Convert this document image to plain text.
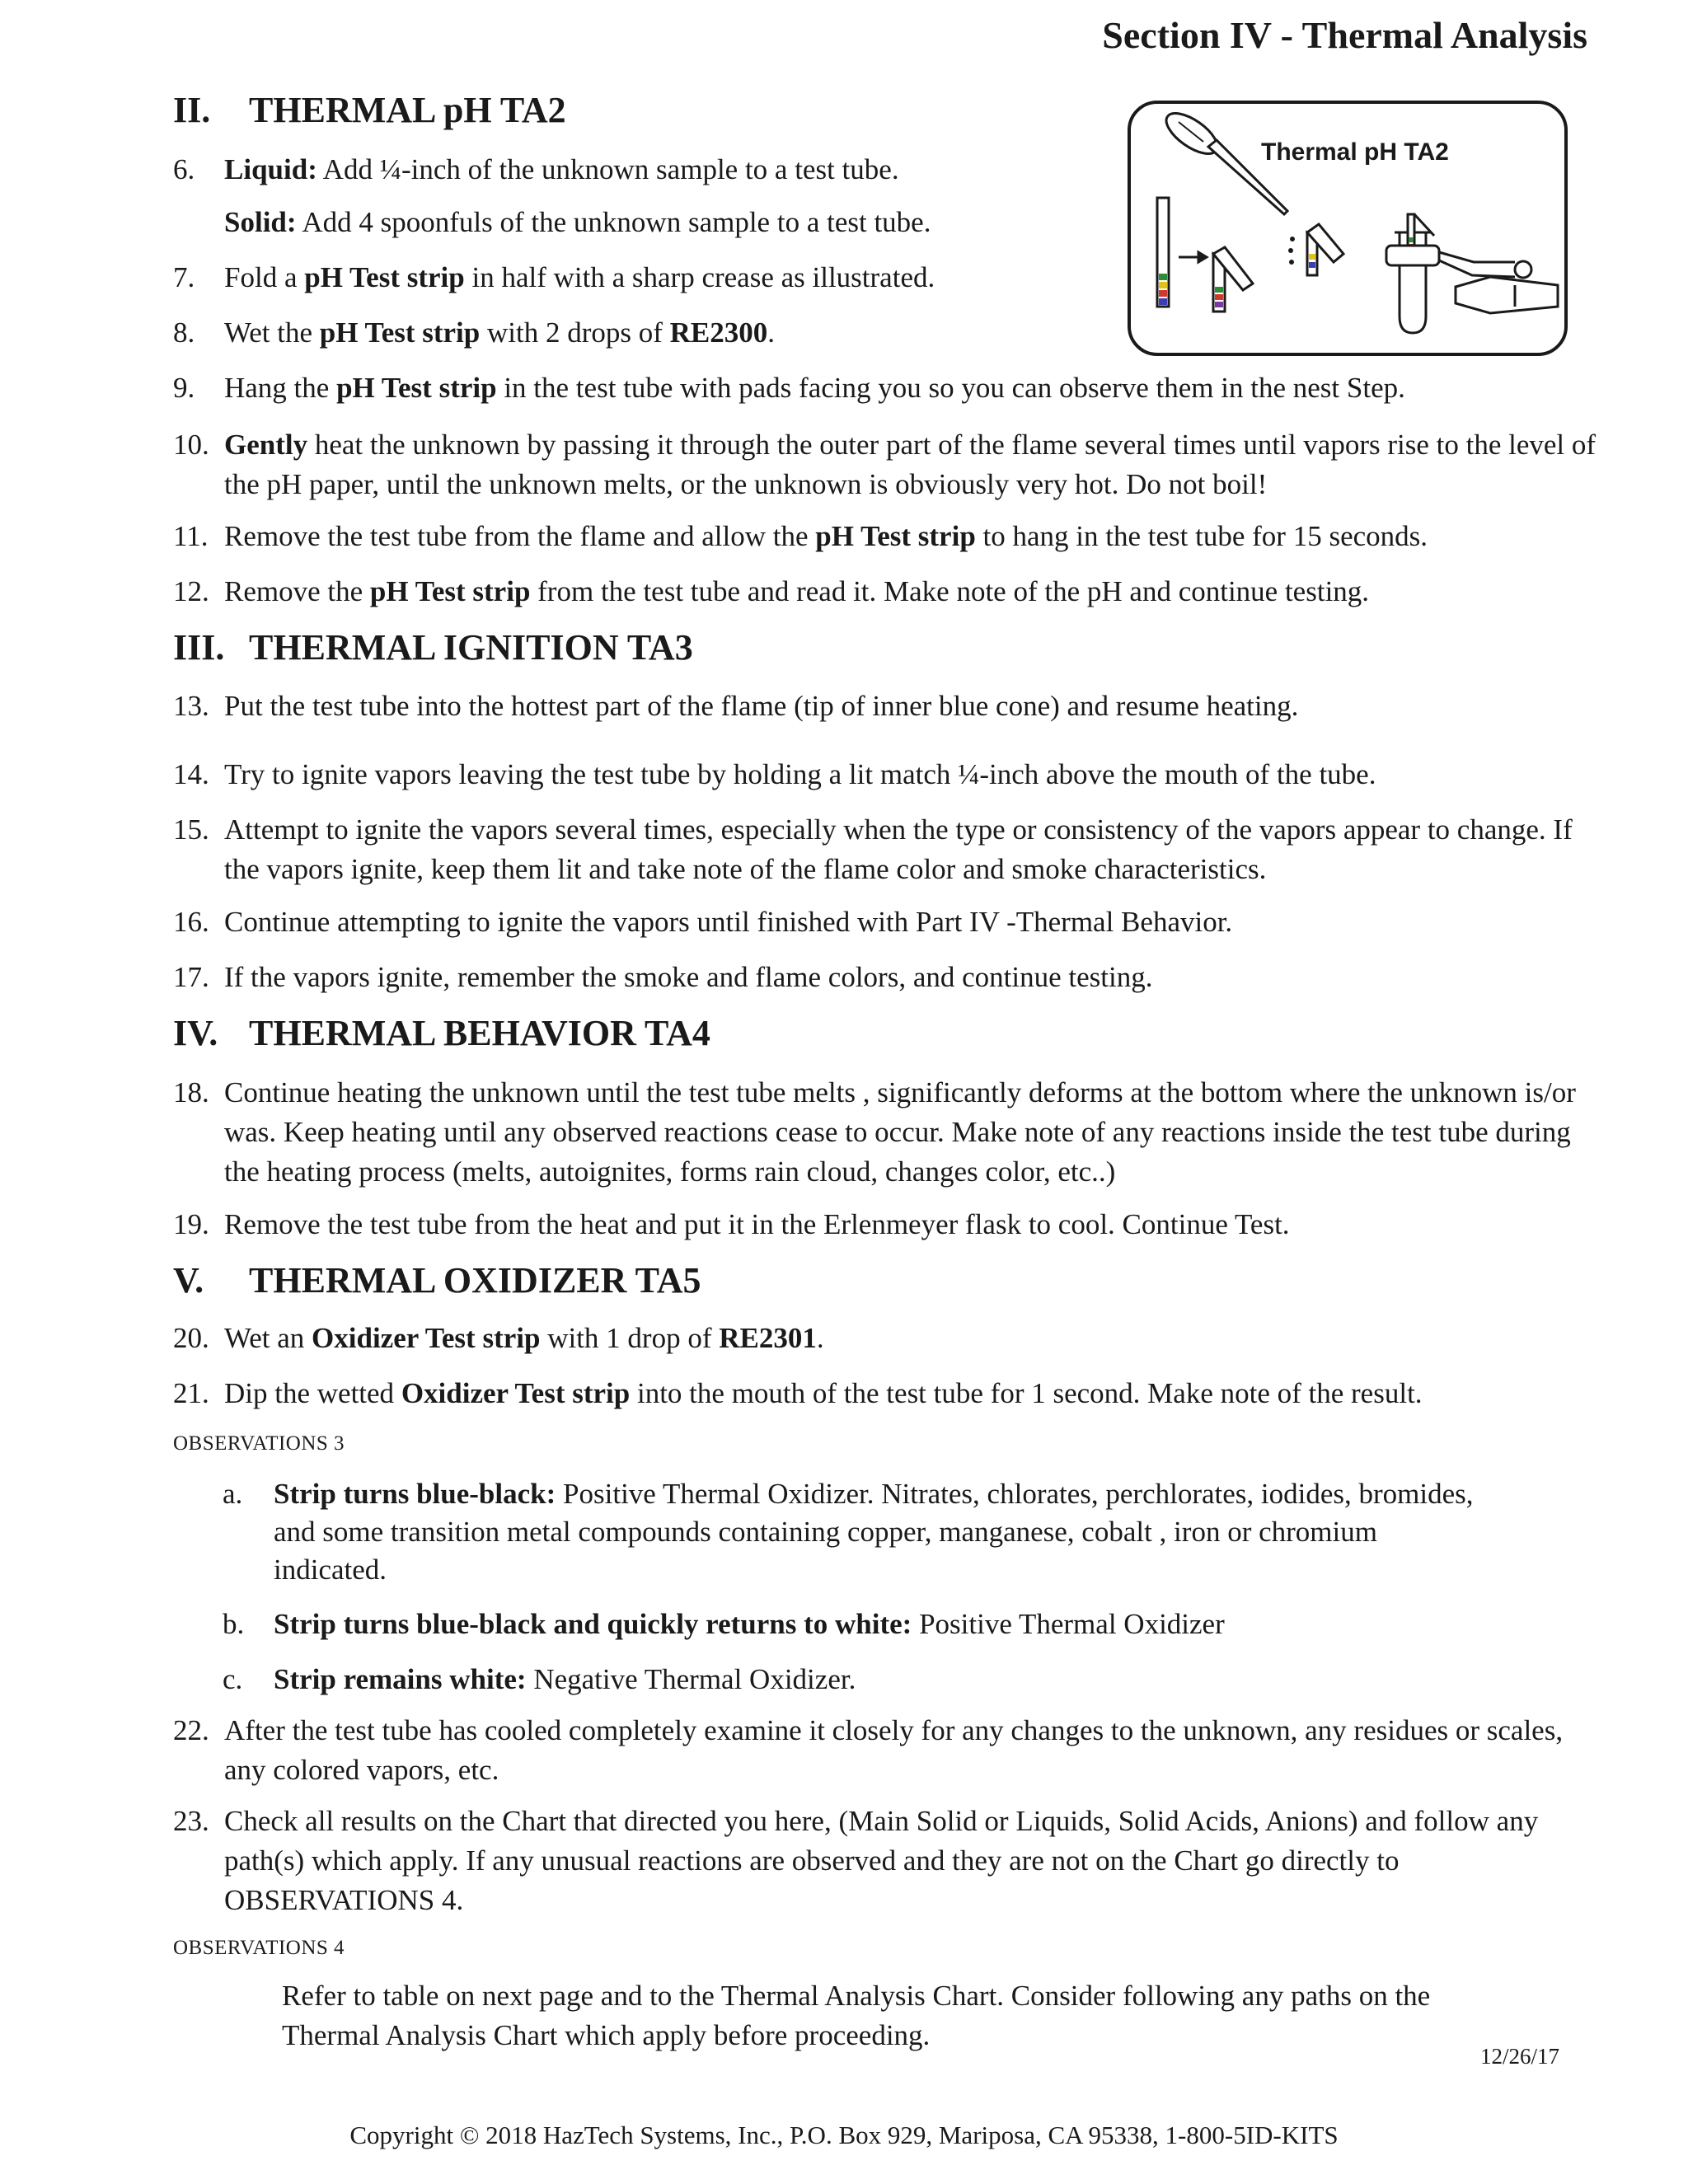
Section IV - Thermal Analysis
Thermal pH TA2
II. THERMAL pH TA2
6. Liquid: Add ¼-inch of the unknown sample to a test tube.
Solid: Add 4 spoonfuls of the unknown sample to a test tube.
7. Fold a pH Test strip in half with a sharp crease as illustrated.
8. Wet the pH Test strip with 2 drops of RE2300.
9. Hang the pH Test strip in the test tube with pads facing you so you can observe them in the nest Step.
10. Gently heat the unknown by passing it through the outer part of the flame several times until vapors rise to the level of the pH paper, until the unknown melts, or the unknown is obviously very hot. Do not boil!
11. Remove the test tube from the flame and allow the pH Test strip to hang in the test tube for 15 seconds.
12. Remove the pH Test strip from the test tube and read it. Make note of the pH and continue testing.
III. THERMAL IGNITION TA3
13. Put the test tube into the hottest part of the flame (tip of inner blue cone) and resume heating.
14. Try to ignite vapors leaving the test tube by holding a lit match ¼-inch above the mouth of the tube.
15. Attempt to ignite the vapors several times, especially when the type or consistency of the vapors appear to change. If the vapors ignite, keep them lit and take note of the flame color and smoke characteristics.
16. Continue attempting to ignite the vapors until finished with Part IV -Thermal Behavior.
17. If the vapors ignite, remember the smoke and flame colors, and continue testing.
IV. THERMAL BEHAVIOR TA4
18. Continue heating the unknown until the test tube melts , significantly deforms at the bottom where the unknown is/or was. Keep heating until any observed reactions cease to occur. Make note of any reactions inside the test tube during the heating process (melts, autoignites, forms rain cloud, changes color, etc..)
19. Remove the test tube from the heat and put it in the Erlenmeyer flask to cool. Continue Test.
V. THERMAL OXIDIZER TA5
20. Wet an Oxidizer Test strip with 1 drop of RE2301.
21. Dip the wetted Oxidizer Test strip into the mouth of the test tube for 1 second. Make note of the result.
OBSERVATIONS 3
a. Strip turns blue-black: Positive Thermal Oxidizer. Nitrates, chlorates, perchlorates, iodides, bromides, and some transition metal compounds containing copper, manganese, cobalt , iron or chromium indicated.
b. Strip turns blue-black and quickly returns to white: Positive Thermal Oxidizer
c. Strip remains white: Negative Thermal Oxidizer.
22. After the test tube has cooled completely examine it closely for any changes to the unknown, any residues or scales, any colored vapors, etc.
23. Check all results on the Chart that directed you here, (Main Solid or Liquids, Solid Acids, Anions) and follow any path(s) which apply. If any unusual reactions are observed and they are not on the Chart go directly to OBSERVATIONS 4.
OBSERVATIONS 4
Refer to table on next page and to the Thermal Analysis Chart. Consider following any paths on the Thermal Analysis Chart which apply before proceeding.
12/26/17
Copyright © 2018 HazTech Systems, Inc., P.O. Box 929, Mariposa, CA 95338, 1-800-5ID-KITS
